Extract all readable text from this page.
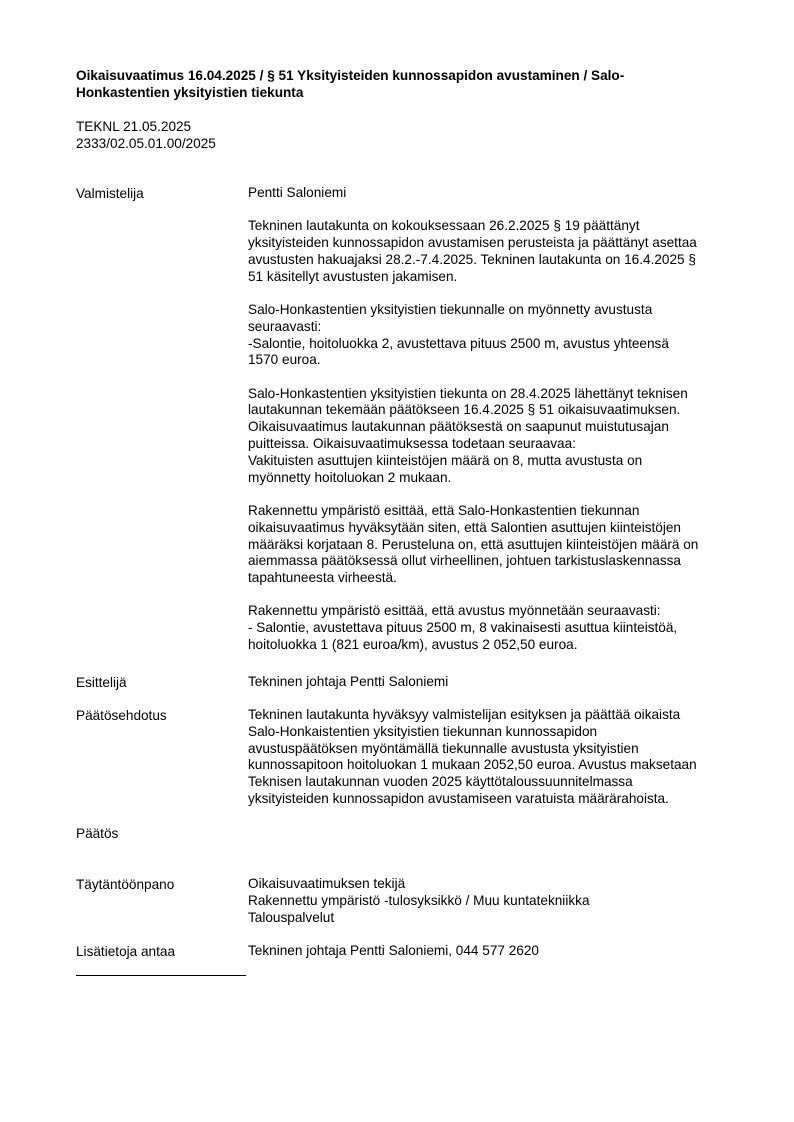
Oikaisuvaatimus 16.04.2025 / § 51 Yksityisteiden kunnossapidon avustaminen / Salo-
Honkastentien yksityistien tiekunta
TEKNL 21.05.2025
2333/02.05.01.00/2025
Valmistelija	Pentti Saloniemi

Tekninen lautakunta on kokouksessaan 26.2.2025 § 19 päättänyt
yksityisteiden kunnossapidon avustamisen perusteista ja päättänyt asettaa
avustusten hakuajaksi 28.2.-7.4.2025. Tekninen lautakunta on 16.4.2025 §
51 käsitellyt avustusten jakamisen.
Salo-Honkastentien yksityistien tiekunnalle on myönnetty avustusta
seuraavasti:
-Salontie, hoitoluokka 2, avustettava pituus 2500 m, avustus yhteensä
1570 euroa.
Salo-Honkastentien yksityistien tiekunta on 28.4.2025 lähettänyt teknisen
lautakunnan tekemään päätökseen 16.4.2025 § 51 oikaisuvaatimuksen.
Oikaisuvaatimus lautakunnan päätöksestä on saapunut muistutusajan
puitteissa. Oikaisuvaatimuksessa todetaan seuraavaa:
Vakituisten asuttujen kiinteistöjen määrä on 8, mutta avustusta on
myönnetty hoitoluokan 2 mukaan.
Rakennettu ympäristö esittää, että Salo-Honkastentien tiekunnan
oikaisuvaatimus hyväksytään siten, että Salontien asuttujen kiinteistöjen
määräksi korjataan 8. Perusteluna on, että asuttujen kiinteistöjen määrä on
aiemmassa päätöksessä ollut virheellinen, johtuen tarkistuslaskennassa
tapahtuneesta virheestä.
Rakennettu ympäristö esittää, että avustus myönnetään seuraavasti:
- Salontie, avustettava pituus 2500 m, 8 vakinaisesti asuttua kiinteistöä,
hoitoluokka 1 (821 euroa/km), avustus 2 052,50 euroa.
Esittelijä	Tekninen johtaja Pentti Saloniemi
Päätösehdotus	Tekninen lautakunta hyväksyy valmistelijan esityksen ja päättää oikaista
Salo-Honkaistentien yksityistien tiekunnan kunnossapidon
avustuspäätöksen myöntämällä tiekunnalle avustusta yksityistien
kunnossapitoon hoitoluokan 1 mukaan 2052,50 euroa. Avustus maksetaan
Teknisen lautakunnan vuoden 2025 käyttötaloussuunnitelmassa
yksityisteiden kunnossapidon avustamiseen varatuista määrärahoista.
Päätös
Täytäntöönpano	Oikaisuvaatimuksen tekijä
Rakennettu ympäristö -tulosyksikkö / Muu kuntatekniikka
Talouspalvelut
Lisätietoja antaa	Tekninen johtaja Pentti Saloniemi, 044 577 2620
